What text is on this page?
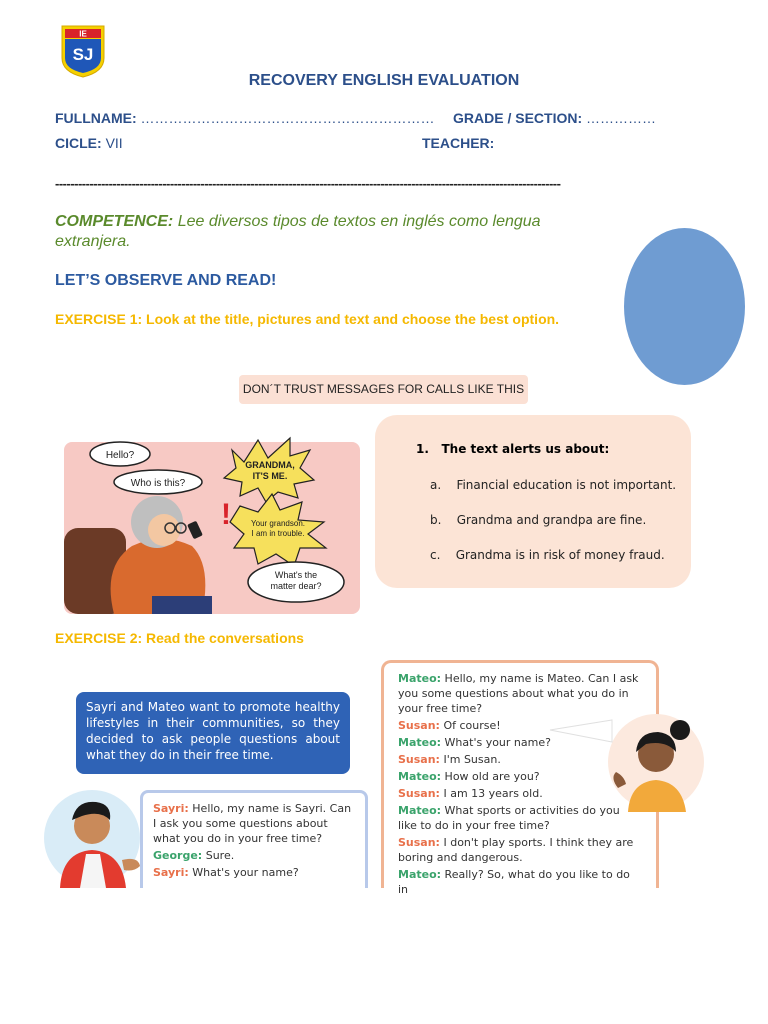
IE
SJ
RECOVERY ENGLISH EVALUATION
FULLNAME: ……………………………………………………… GRADE / SECTION: ……………
CICLE: VII	TEACHER:
------------------------------------------------------------------------------------------------------------------------------------
COMPETENCE: Lee diversos tipos de textos en inglés como lengua extranjera.
LET’S OBSERVE AND READ!
EXERCISE 1: Look at the title, pictures and text and choose the best option.
DON´T TRUST MESSAGES FOR CALLS LIKE THIS
Hello?
Who is this?
GRANDMA,
IT'S ME.
Your grandson.
I am in trouble.
What's the
matter dear?
!
1. The text alerts us about:
a. Financial education is not important.
b. Grandma and grandpa are fine.
c. Grandma is in risk of money fraud.
EXERCISE 2: Read the conversations
Sayri and Mateo want to promote healthy lifestyles in their communities, so they decided to ask people questions about what they do in their free time.
Sayri: Hello, my name is Sayri. Can I ask you some questions about what you do in your free time?
George: Sure.
Sayri: What's your name?
Mateo: Hello, my name is Mateo. Can I ask you some questions about what you do in your free time?
Susan: Of course!
Mateo: What's your name?
Susan: I'm Susan.
Mateo: How old are you?
Susan: I am 13 years old.
Mateo: What sports or activities do you like to do in your free time?
Susan: I don't play sports. I think they are boring and dangerous.
Mateo: Really? So, what do you like to do in
